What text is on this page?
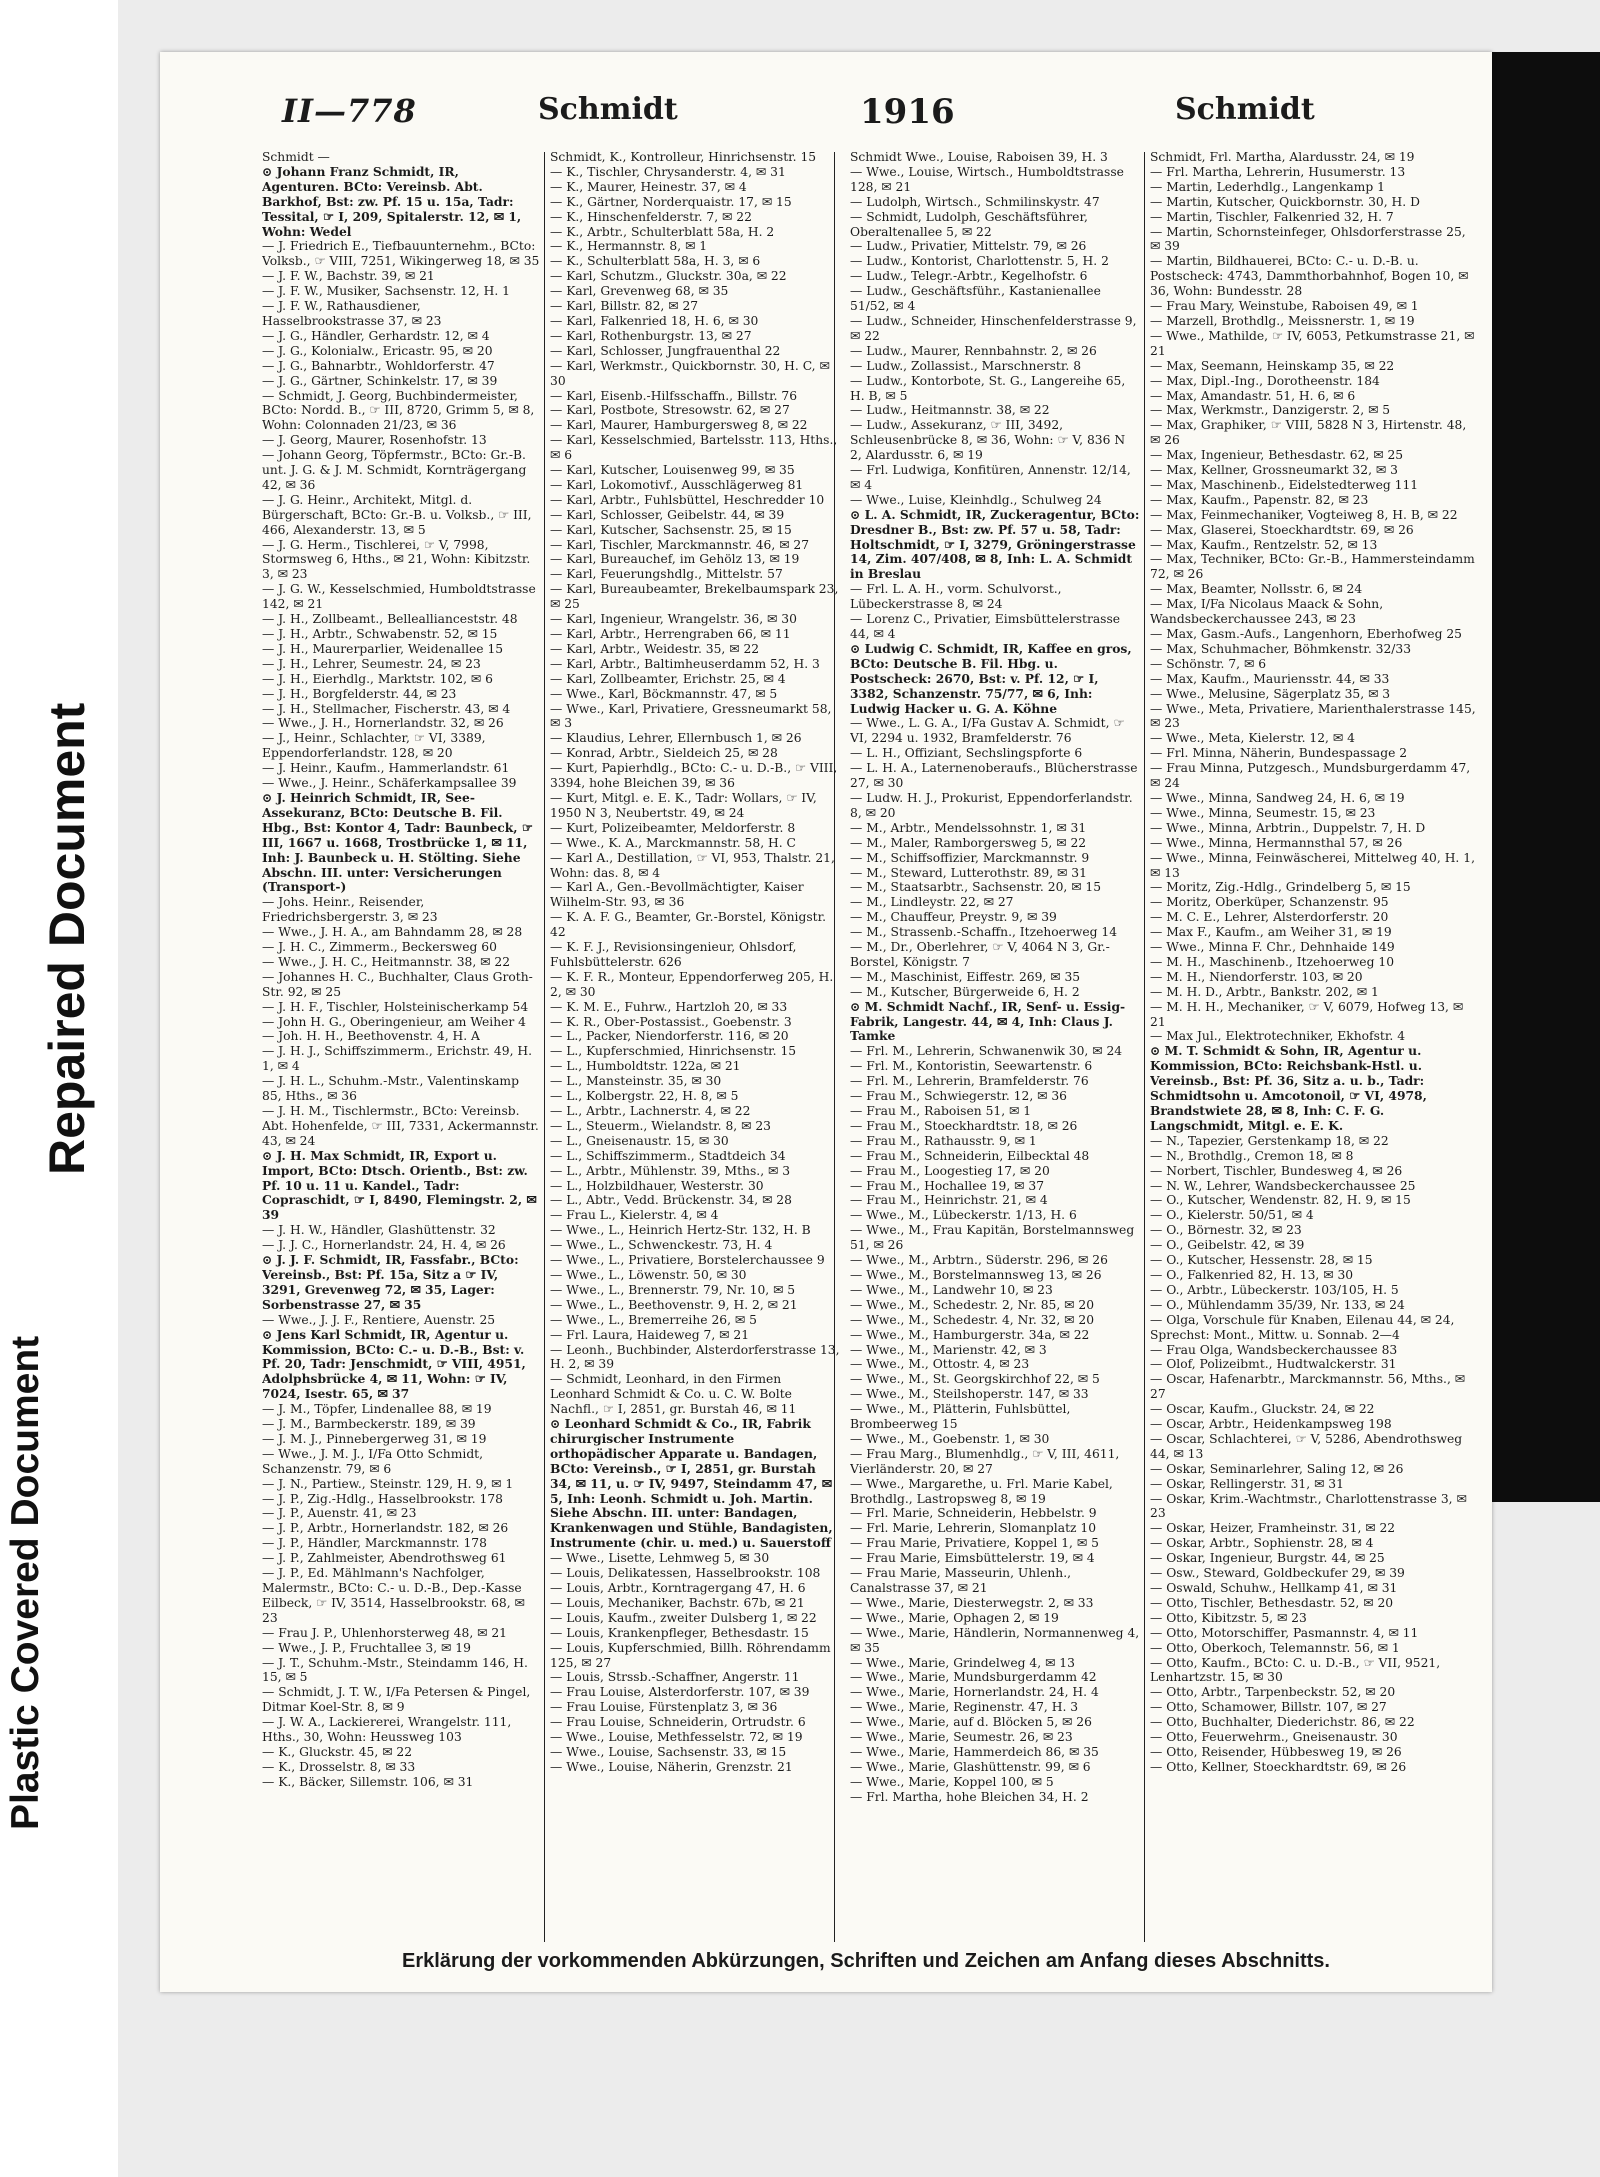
Repaired Document
Plastic Covered Document
II—778	Schmidt	1916	Schmidt

Schmidt —

⊙ Johann Franz Schmidt, IR, Agenturen. BCto: Vereinsb. Abt. Barkhof, Bst: zw. Pf. 15 u. 15a, Tadr: Tessital, ☞ I, 209, Spitalerstr. 12, ✉ 1, Wohn: Wedel

— J. Friedrich E., Tiefbauunternehm., BCto: Volksb., ☞ VIII, 7251, Wikingerweg 18, ✉ 35

— J. F. W., Bachstr. 39, ✉ 21

— J. F. W., Musiker, Sachsenstr. 12, H. 1

— J. F. W., Rathausdiener, Hasselbrookstrasse 37, ✉ 23

— J. G., Händler, Gerhardstr. 12, ✉ 4

— J. G., Kolonialw., Ericastr. 95, ✉ 20

— J. G., Bahnarbtr., Wohldorferstr. 47

— J. G., Gärtner, Schinkelstr. 17, ✉ 39

— Schmidt, J. Georg, Buchbindermeister, BCto: Nordd. B., ☞ III, 8720, Grimm 5, ✉ 8, Wohn: Colonnaden 21/23, ✉ 36

— J. Georg, Maurer, Rosenhofstr. 13

— Johann Georg, Töpfermstr., BCto: Gr.-B. unt. J. G. & J. M. Schmidt, Kornträgergang 42, ✉ 36

— J. G. Heinr., Architekt, Mitgl. d. Bürgerschaft, BCto: Gr.-B. u. Volksb., ☞ III, 466, Alexanderstr. 13, ✉ 5

— J. G. Herm., Tischlerei, ☞ V, 7998, Stormsweg 6, Hths., ✉ 21, Wohn: Kibitzstr. 3, ✉ 23

— J. G. W., Kesselschmied, Humboldtstrasse 142, ✉ 21

— J. H., Zollbeamt., Belleallianceststr. 48

— J. H., Arbtr., Schwabenstr. 52, ✉ 15

— J. H., Maurerparlier, Weidenallee 15

— J. H., Lehrer, Seumestr. 24, ✉ 23

— J. H., Eierhdlg., Marktstr. 102, ✉ 6

— J. H., Borgfelderstr. 44, ✉ 23

— J. H., Stellmacher, Fischerstr. 43, ✉ 4

— Wwe., J. H., Hornerlandstr. 32, ✉ 26

— J., Heinr., Schlachter, ☞ VI, 3389, Eppendorferlandstr. 128, ✉ 20

— J. Heinr., Kaufm., Hammerlandstr. 61

— Wwe., J. Heinr., Schäferkampsallee 39

⊙ J. Heinrich Schmidt, IR, See-Assekuranz, BCto: Deutsche B. Fil. Hbg., Bst: Kontor 4, Tadr: Baunbeck, ☞ III, 1667 u. 1668, Trostbrücke 1, ✉ 11, Inh: J. Baunbeck u. H. Stölting. Siehe Abschn. III. unter: Versicherungen (Transport-)

— Johs. Heinr., Reisender, Friedrichsbergerstr. 3, ✉ 23

— Wwe., J. H. A., am Bahndamm 28, ✉ 28

— J. H. C., Zimmerm., Beckersweg 60

— Wwe., J. H. C., Heitmannstr. 38, ✉ 22

— Johannes H. C., Buchhalter, Claus Groth-Str. 92, ✉ 25

— J. H. F., Tischler, Holsteinischerkamp 54

— John H. G., Oberingenieur, am Weiher 4

— Joh. H. H., Beethovenstr. 4, H. A

— J. H. J., Schiffszimmerm., Erichstr. 49, H. 1, ✉ 4

— J. H. L., Schuhm.-Mstr., Valentinskamp 85, Hths., ✉ 36

— J. H. M., Tischlermstr., BCto: Vereinsb. Abt. Hohenfelde, ☞ III, 7331, Ackermannstr. 43, ✉ 24

⊙ J. H. Max Schmidt, IR, Export u. Import, BCto: Dtsch. Orientb., Bst: zw. Pf. 10 u. 11 u. Kandel., Tadr: Copraschidt, ☞ I, 8490, Flemingstr. 2, ✉ 39

— J. H. W., Händler, Glashüttenstr. 32

— J. J. C., Hornerlandstr. 24, H. 4, ✉ 26

⊙ J. J. F. Schmidt, IR, Fassfabr., BCto: Vereinsb., Bst: Pf. 15a, Sitz a ☞ IV, 3291, Grevenweg 72, ✉ 35, Lager: Sorbenstrasse 27, ✉ 35

— Wwe., J. J. F., Rentiere, Auenstr. 25

⊙ Jens Karl Schmidt, IR, Agentur u. Kommission, BCto: C.- u. D.-B., Bst: v. Pf. 20, Tadr: Jenschmidt, ☞ VIII, 4951, Adolphsbrücke 4, ✉ 11, Wohn: ☞ IV, 7024, Isestr. 65, ✉ 37

— J. M., Töpfer, Lindenallee 88, ✉ 19

— J. M., Barmbeckerstr. 189, ✉ 39

— J. M. J., Pinnebergerweg 31, ✉ 19

— Wwe., J. M. J., I/Fa Otto Schmidt, Schanzenstr. 79, ✉ 6

— J. N., Partiew., Steinstr. 129, H. 9, ✉ 1

— J. P., Zig.-Hdlg., Hasselbrookstr. 178

— J. P., Auenstr. 41, ✉ 23

— J. P., Arbtr., Hornerlandstr. 182, ✉ 26

— J. P., Händler, Marckmannstr. 178

— J. P., Zahlmeister, Abendrothsweg 61

— J. P., Ed. Mählmann's Nachfolger, Malermstr., BCto: C.- u. D.-B., Dep.-Kasse Eilbeck, ☞ IV, 3514, Hasselbrookstr. 68, ✉ 23

— Frau J. P., Uhlenhorsterweg 48, ✉ 21

— Wwe., J. P., Fruchtallee 3, ✉ 19

— J. T., Schuhm.-Mstr., Steindamm 146, H. 15, ✉ 5

— Schmidt, J. T. W., I/Fa Petersen & Pingel, Ditmar Koel-Str. 8, ✉ 9

— J. W. A., Lackiererei, Wrangelstr. 111, Hths., 30, Wohn: Heussweg 103

— K., Gluckstr. 45, ✉ 22

— K., Drosselstr. 8, ✉ 33

— K., Bäcker, Sillemstr. 106, ✉ 31

Schmidt, K., Kontrolleur, Hinrichsenstr. 15

— K., Tischler, Chrysanderstr. 4, ✉ 31

— K., Maurer, Heinestr. 37, ✉ 4

— K., Gärtner, Norderquaistr. 17, ✉ 15

— K., Hinschenfelderstr. 7, ✉ 22

— K., Arbtr., Schulterblatt 58a, H. 2

— K., Hermannstr. 8, ✉ 1

— K., Schulterblatt 58a, H. 3, ✉ 6

— Karl, Schutzm., Gluckstr. 30a, ✉ 22

— Karl, Grevenweg 68, ✉ 35

— Karl, Billstr. 82, ✉ 27

— Karl, Falkenried 18, H. 6, ✉ 30

— Karl, Rothenburgstr. 13, ✉ 27

— Karl, Schlosser, Jungfrauenthal 22

— Karl, Werkmstr., Quickbornstr. 30, H. C, ✉ 30

— Karl, Eisenb.-Hilfsschaffn., Billstr. 76

— Karl, Postbote, Stresowstr. 62, ✉ 27

— Karl, Maurer, Hamburgersweg 8, ✉ 22

— Karl, Kesselschmied, Bartelsstr. 113, Hths., ✉ 6

— Karl, Kutscher, Louisenweg 99, ✉ 35

— Karl, Lokomotivf., Ausschlägerweg 81

— Karl, Arbtr., Fuhlsbüttel, Heschredder 10

— Karl, Schlosser, Geibelstr. 44, ✉ 39

— Karl, Kutscher, Sachsenstr. 25, ✉ 15

— Karl, Tischler, Marckmannstr. 46, ✉ 27

— Karl, Bureauchef, im Gehölz 13, ✉ 19

— Karl, Feuerungshdlg., Mittelstr. 57

— Karl, Bureaubeamter, Brekelbaumspark 23, ✉ 25

— Karl, Ingenieur, Wrangelstr. 36, ✉ 30

— Karl, Arbtr., Herrengraben 66, ✉ 11

— Karl, Arbtr., Weidestr. 35, ✉ 22

— Karl, Arbtr., Baltimheuserdamm 52, H. 3

— Karl, Zollbeamter, Erichstr. 25, ✉ 4

— Wwe., Karl, Böckmannstr. 47, ✉ 5

— Wwe., Karl, Privatiere, Gressneumarkt 58, ✉ 3

— Klaudius, Lehrer, Ellernbusch 1, ✉ 26

— Konrad, Arbtr., Sieldeich 25, ✉ 28

— Kurt, Papierhdlg., BCto: C.- u. D.-B., ☞ VIII, 3394, hohe Bleichen 39, ✉ 36

— Kurt, Mitgl. e. E. K., Tadr: Wollars, ☞ IV, 1950 N 3, Neubertstr. 49, ✉ 24

— Kurt, Polizeibeamter, Meldorferstr. 8

— Wwe., K. A., Marckmannstr. 58, H. C

— Karl A., Destillation, ☞ VI, 953, Thalstr. 21, Wohn: das. 8, ✉ 4

— Karl A., Gen.-Bevollmächtigter, Kaiser Wilhelm-Str. 93, ✉ 36

— K. A. F. G., Beamter, Gr.-Borstel, Königstr. 42

— K. F. J., Revisionsingenieur, Ohlsdorf, Fuhlsbüttelerstr. 626

— K. F. R., Monteur, Eppendorferweg 205, H. 2, ✉ 30

— K. M. E., Fuhrw., Hartzloh 20, ✉ 33

— K. R., Ober-Postassist., Goebenstr. 3

— L., Packer, Niendorferstr. 116, ✉ 20

— L., Kupferschmied, Hinrichsenstr. 15

— L., Humboldtstr. 122a, ✉ 21

— L., Mansteinstr. 35, ✉ 30

— L., Kolbergstr. 22, H. 8, ✉ 5

— L., Arbtr., Lachnerstr. 4, ✉ 22

— L., Steuerm., Wielandstr. 8, ✉ 23

— L., Gneisenaustr. 15, ✉ 30

— L., Schiffszimmerm., Stadtdeich 34

— L., Arbtr., Mühlenstr. 39, Mths., ✉ 3

— L., Holzbildhauer, Westerstr. 30

— L., Abtr., Vedd. Brückenstr. 34, ✉ 28

— Frau L., Kielerstr. 4, ✉ 4

— Wwe., L., Heinrich Hertz-Str. 132, H. B

— Wwe., L., Schwenckestr. 73, H. 4

— Wwe., L., Privatiere, Borstelerchaussee 9

— Wwe., L., Löwenstr. 50, ✉ 30

— Wwe., L., Brennerstr. 79, Nr. 10, ✉ 5

— Wwe., L., Beethovenstr. 9, H. 2, ✉ 21

— Wwe., L., Bremerreihe 26, ✉ 5

— Frl. Laura, Haideweg 7, ✉ 21

— Leonh., Buchbinder, Alsterdorferstrasse 13, H. 2, ✉ 39

— Schmidt, Leonhard, in den Firmen Leonhard Schmidt & Co. u. C. W. Bolte Nachfl., ☞ I, 2851, gr. Burstah 46, ✉ 11

⊙ Leonhard Schmidt & Co., IR, Fabrik chirurgischer Instrumente orthopädischer Apparate u. Bandagen, BCto: Vereinsb., ☞ I, 2851, gr. Burstah 34, ✉ 11, u. ☞ IV, 9497, Steindamm 47, ✉ 5, Inh: Leonh. Schmidt u. Joh. Martin. Siehe Abschn. III. unter: Bandagen, Krankenwagen und Stühle, Bandagisten, Instrumente (chir. u. med.) u. Sauerstoff

— Wwe., Lisette, Lehmweg 5, ✉ 30

— Louis, Delikatessen, Hasselbrookstr. 108

— Louis, Arbtr., Korntragergang 47, H. 6

— Louis, Mechaniker, Bachstr. 67b, ✉ 21

— Louis, Kaufm., zweiter Dulsberg 1, ✉ 22

— Louis, Krankenpfleger, Bethesdastr. 15

— Louis, Kupferschmied, Billh. Röhrendamm 125, ✉ 27

— Louis, Strssb.-Schaffner, Angerstr. 11

— Frau Louise, Alsterdorferstr. 107, ✉ 39

— Frau Louise, Fürstenplatz 3, ✉ 36

— Frau Louise, Schneiderin, Ortrudstr. 6

— Wwe., Louise, Methfesselstr. 72, ✉ 19

— Wwe., Louise, Sachsenstr. 33, ✉ 15

— Wwe., Louise, Näherin, Grenzstr. 21

Schmidt Wwe., Louise, Raboisen 39, H. 3

— Wwe., Louise, Wirtsch., Humboldtstrasse 128, ✉ 21

— Ludolph, Wirtsch., Schmilinskystr. 47

— Schmidt, Ludolph, Geschäftsführer, Oberaltenallee 5, ✉ 22

— Ludw., Privatier, Mittelstr. 79, ✉ 26

— Ludw., Kontorist, Charlottenstr. 5, H. 2

— Ludw., Telegr.-Arbtr., Kegelhofstr. 6

— Ludw., Geschäftsführ., Kastanienallee 51/52, ✉ 4

— Ludw., Schneider, Hinschenfelderstrasse 9, ✉ 22

— Ludw., Maurer, Rennbahnstr. 2, ✉ 26

— Ludw., Zollassist., Marschnerstr. 8

— Ludw., Kontorbote, St. G., Langereihe 65, H. B, ✉ 5

— Ludw., Heitmannstr. 38, ✉ 22

— Ludw., Assekuranz, ☞ III, 3492, Schleusenbrücke 8, ✉ 36, Wohn: ☞ V, 836 N 2, Alardusstr. 6, ✉ 19

— Frl. Ludwiga, Konfitüren, Annenstr. 12/14, ✉ 4

— Wwe., Luise, Kleinhdlg., Schulweg 24

⊙ L. A. Schmidt, IR, Zuckeragentur, BCto: Dresdner B., Bst: zw. Pf. 57 u. 58, Tadr: Holtschmidt, ☞ I, 3279, Gröningerstrasse 14, Zim. 407/408, ✉ 8, Inh: L. A. Schmidt in Breslau

— Frl. L. A. H., vorm. Schulvorst., Lübeckerstrasse 8, ✉ 24

— Lorenz C., Privatier, Eimsbüttelerstrasse 44, ✉ 4

⊙ Ludwig C. Schmidt, IR, Kaffee en gros, BCto: Deutsche B. Fil. Hbg. u. Postscheck: 2670, Bst: v. Pf. 12, ☞ I, 3382, Schanzenstr. 75/77, ✉ 6, Inh: Ludwig Hacker u. G. A. Köhne

— Wwe., L. G. A., I/Fa Gustav A. Schmidt, ☞ VI, 2294 u. 1932, Bramfelderstr. 76

— L. H., Offiziant, Sechslingspforte 6

— L. H. A., Laternenoberaufs., Blücherstrasse 27, ✉ 30

— Ludw. H. J., Prokurist, Eppendorferlandstr. 8, ✉ 20

— M., Arbtr., Mendelssohnstr. 1, ✉ 31

— M., Maler, Ramborgersweg 5, ✉ 22

— M., Schiffsoffizier, Marckmannstr. 9

— M., Steward, Lutterothstr. 89, ✉ 31

— M., Staatsarbtr., Sachsenstr. 20, ✉ 15

— M., Lindleystr. 22, ✉ 27

— M., Chauffeur, Preystr. 9, ✉ 39

— M., Strassenb.-Schaffn., Itzehoerweg 14

— M., Dr., Oberlehrer, ☞ V, 4064 N 3, Gr.-Borstel, Königstr. 7

— M., Maschinist, Eiffestr. 269, ✉ 35

— M., Kutscher, Bürgerweide 6, H. 2

⊙ M. Schmidt Nachf., IR, Senf- u. Essig-Fabrik, Langestr. 44, ✉ 4, Inh: Claus J. Tamke

— Frl. M., Lehrerin, Schwanenwik 30, ✉ 24

— Frl. M., Kontoristin, Seewartenstr. 6

— Frl. M., Lehrerin, Bramfelderstr. 76

— Frau M., Schwiegerstr. 12, ✉ 36

— Frau M., Raboisen 51, ✉ 1

— Frau M., Stoeckhardtstr. 18, ✉ 26

— Frau M., Rathausstr. 9, ✉ 1

— Frau M., Schneiderin, Eilbecktal 48

— Frau M., Loogestieg 17, ✉ 20

— Frau M., Hochallee 19, ✉ 37

— Frau M., Heinrichstr. 21, ✉ 4

— Wwe., M., Lübeckerstr. 1/13, H. 6

— Wwe., M., Frau Kapitän, Borstelmannsweg 51, ✉ 26

— Wwe., M., Arbtrn., Süderstr. 296, ✉ 26

— Wwe., M., Borstelmannsweg 13, ✉ 26

— Wwe., M., Landwehr 10, ✉ 23

— Wwe., M., Schedestr. 2, Nr. 85, ✉ 20

— Wwe., M., Schedestr. 4, Nr. 32, ✉ 20

— Wwe., M., Hamburgerstr. 34a, ✉ 22

— Wwe., M., Marienstr. 42, ✉ 3

— Wwe., M., Ottostr. 4, ✉ 23

— Wwe., M., St. Georgskirchhof 22, ✉ 5

— Wwe., M., Steilshoperstr. 147, ✉ 33

— Wwe., M., Plätterin, Fuhlsbüttel, Brombeerweg 15

— Wwe., M., Goebenstr. 1, ✉ 30

— Frau Marg., Blumenhdlg., ☞ V, III, 4611, Vierländerstr. 20, ✉ 27

— Wwe., Margarethe, u. Frl. Marie Kabel, Brothdlg., Lastropsweg 8, ✉ 19

— Frl. Marie, Schneiderin, Hebbelstr. 9

— Frl. Marie, Lehrerin, Slomanplatz 10

— Frau Marie, Privatiere, Koppel 1, ✉ 5

— Frau Marie, Eimsbüttelerstr. 19, ✉ 4

— Frau Marie, Masseurin, Uhlenh., Canalstrasse 37, ✉ 21

— Wwe., Marie, Diesterwegstr. 2, ✉ 33

— Wwe., Marie, Ophagen 2, ✉ 19

— Wwe., Marie, Händlerin, Normannenweg 4, ✉ 35

— Wwe., Marie, Grindelweg 4, ✉ 13

— Wwe., Marie, Mundsburgerdamm 42

— Wwe., Marie, Hornerlandstr. 24, H. 4

— Wwe., Marie, Reginenstr. 47, H. 3

— Wwe., Marie, auf d. Blöcken 5, ✉ 26

— Wwe., Marie, Seumestr. 26, ✉ 23

— Wwe., Marie, Hammerdeich 86, ✉ 35

— Wwe., Marie, Glashüttenstr. 99, ✉ 6

— Wwe., Marie, Koppel 100, ✉ 5

— Frl. Martha, hohe Bleichen 34, H. 2

Schmidt, Frl. Martha, Alardusstr. 24, ✉ 19

— Frl. Martha, Lehrerin, Husumerstr. 13

— Martin, Lederhdlg., Langenkamp 1

— Martin, Kutscher, Quickbornstr. 30, H. D

— Martin, Tischler, Falkenried 32, H. 7

— Martin, Schornsteinfeger, Ohlsdorferstrasse 25, ✉ 39

— Martin, Bildhauerei, BCto: C.- u. D.-B. u. Postscheck: 4743, Dammthorbahnhof, Bogen 10, ✉ 36, Wohn: Bundesstr. 28

— Frau Mary, Weinstube, Raboisen 49, ✉ 1

— Marzell, Brothdlg., Meissnerstr. 1, ✉ 19

— Wwe., Mathilde, ☞ IV, 6053, Petkumstrasse 21, ✉ 21

— Max, Seemann, Heinskamp 35, ✉ 22

— Max, Dipl.-Ing., Dorotheenstr. 184

— Max, Amandastr. 51, H. 6, ✉ 6

— Max, Werkmstr., Danzigerstr. 2, ✉ 5

— Max, Graphiker, ☞ VIII, 5828 N 3, Hirtenstr. 48, ✉ 26

— Max, Ingenieur, Bethesdastr. 62, ✉ 25

— Max, Kellner, Grossneumarkt 32, ✉ 3

— Max, Maschinenb., Eidelstedterweg 111

— Max, Kaufm., Papenstr. 82, ✉ 23

— Max, Feinmechaniker, Vogteiweg 8, H. B, ✉ 22

— Max, Glaserei, Stoeckhardtstr. 69, ✉ 26

— Max, Kaufm., Rentzelstr. 52, ✉ 13

— Max, Techniker, BCto: Gr.-B., Hammersteindamm 72, ✉ 26

— Max, Beamter, Nollsstr. 6, ✉ 24

— Max, I/Fa Nicolaus Maack & Sohn, Wandsbeckerchaussee 243, ✉ 23

— Max, Gasm.-Aufs., Langenhorn, Eberhofweg 25

— Max, Schuhmacher, Böhmkenstr. 32/33

— Schönstr. 7, ✉ 6

— Max, Kaufm., Mauriensstr. 44, ✉ 33

— Wwe., Melusine, Sägerplatz 35, ✉ 3

— Wwe., Meta, Privatiere, Marienthalerstrasse 145, ✉ 23

— Wwe., Meta, Kielerstr. 12, ✉ 4

— Frl. Minna, Näherin, Bundespassage 2

— Frau Minna, Putzgesch., Mundsburgerdamm 47, ✉ 24

— Wwe., Minna, Sandweg 24, H. 6, ✉ 19

— Wwe., Minna, Seumestr. 15, ✉ 23

— Wwe., Minna, Arbtrin., Duppelstr. 7, H. D

— Wwe., Minna, Hermannsthal 57, ✉ 26

— Wwe., Minna, Feinwäscherei, Mittelweg 40, H. 1, ✉ 13

— Moritz, Zig.-Hdlg., Grindelberg 5, ✉ 15

— Moritz, Oberküper, Schanzenstr. 95

— M. C. E., Lehrer, Alsterdorferstr. 20

— Max F., Kaufm., am Weiher 31, ✉ 19

— Wwe., Minna F. Chr., Dehnhaide 149

— M. H., Maschinenb., Itzehoerweg 10

— M. H., Niendorferstr. 103, ✉ 20

— M. H. D., Arbtr., Bankstr. 202, ✉ 1

— M. H. H., Mechaniker, ☞ V, 6079, Hofweg 13, ✉ 21

— Max Jul., Elektrotechniker, Ekhofstr. 4

⊙ M. T. Schmidt & Sohn, IR, Agentur u. Kommission, BCto: Reichsbank-Hstl. u. Vereinsb., Bst: Pf. 36, Sitz a. u. b., Tadr: Schmidtsohn u. Amcotonoil, ☞ VI, 4978, Brandstwiete 28, ✉ 8, Inh: C. F. G. Langschmidt, Mitgl. e. E. K.

— N., Tapezier, Gerstenkamp 18, ✉ 22

— N., Brothdlg., Cremon 18, ✉ 8

— Norbert, Tischler, Bundesweg 4, ✉ 26

— N. W., Lehrer, Wandsbeckerchaussee 25

— O., Kutscher, Wendenstr. 82, H. 9, ✉ 15

— O., Kielerstr. 50/51, ✉ 4

— O., Börnestr. 32, ✉ 23

— O., Geibelstr. 42, ✉ 39

— O., Kutscher, Hessenstr. 28, ✉ 15

— O., Falkenried 82, H. 13, ✉ 30

— O., Arbtr., Lübeckerstr. 103/105, H. 5

— O., Mühlendamm 35/39, Nr. 133, ✉ 24

— Olga, Vorschule für Knaben, Eilenau 44, ✉ 24, Sprechst: Mont., Mittw. u. Sonnab. 2—4

— Frau Olga, Wandsbeckerchaussee 83

— Olof, Polizeibmt., Hudtwalckerstr. 31

— Oscar, Hafenarbtr., Marckmannstr. 56, Mths., ✉ 27

— Oscar, Kaufm., Gluckstr. 24, ✉ 22

— Oscar, Arbtr., Heidenkampsweg 198

— Oscar, Schlachterei, ☞ V, 5286, Abendrothsweg 44, ✉ 13

— Oskar, Seminarlehrer, Saling 12, ✉ 26

— Oskar, Rellingerstr. 31, ✉ 31

— Oskar, Krim.-Wachtmstr., Charlottenstrasse 3, ✉ 23

— Oskar, Heizer, Framheinstr. 31, ✉ 22

— Oskar, Arbtr., Sophienstr. 28, ✉ 4

— Oskar, Ingenieur, Burgstr. 44, ✉ 25

— Osw., Steward, Goldbeckufer 29, ✉ 39

— Oswald, Schuhw., Hellkamp 41, ✉ 31

— Otto, Tischler, Bethesdastr. 52, ✉ 20

— Otto, Kibitzstr. 5, ✉ 23

— Otto, Motorschiffer, Pasmannstr. 4, ✉ 11

— Otto, Oberkoch, Telemannstr. 56, ✉ 1

— Otto, Kaufm., BCto: C. u. D.-B., ☞ VII, 9521, Lenhartzstr. 15, ✉ 30

— Otto, Arbtr., Tarpenbeckstr. 52, ✉ 20

— Otto, Schamower, Billstr. 107, ✉ 27

— Otto, Buchhalter, Diederichstr. 86, ✉ 22

— Otto, Feuerwehrm., Gneisenaustr. 30

— Otto, Reisender, Hübbesweg 19, ✉ 26

— Otto, Kellner, Stoeckhardtstr. 69, ✉ 26

Erklärung der vorkommenden Abkürzungen, Schriften und Zeichen am Anfang dieses Abschnitts.
